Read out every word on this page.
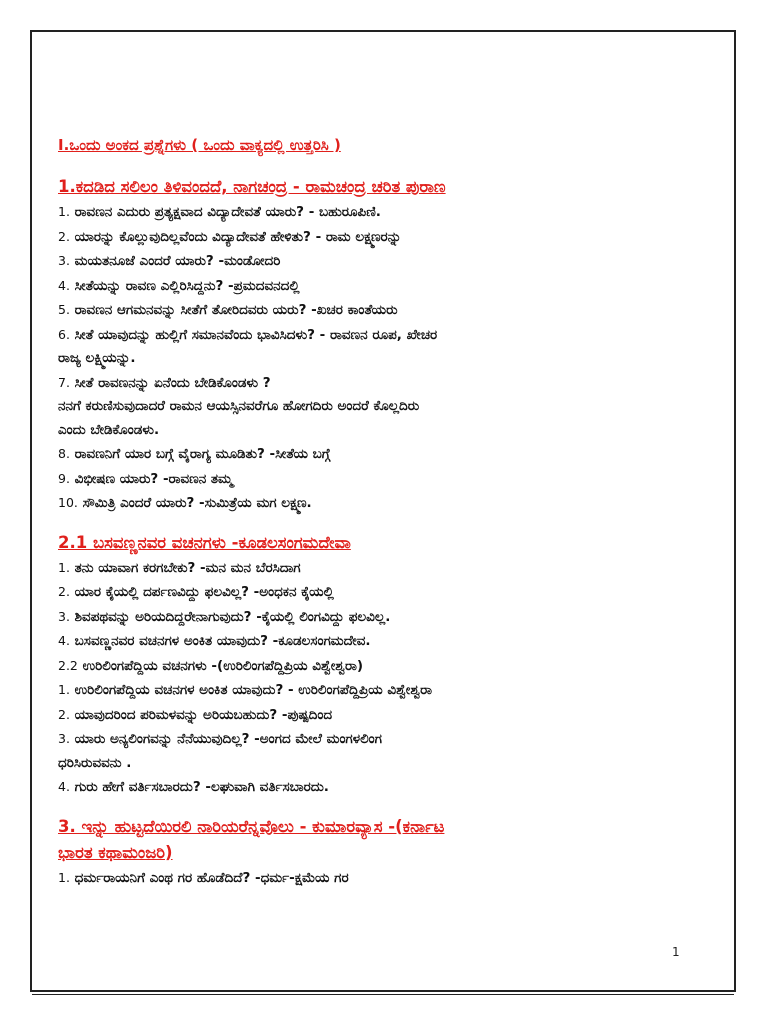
I.ಒಂದು ಅಂಕದ ಪ್ರಶ್ನೆಗಳು ( ಒಂದು ವಾಕ್ಯದಲ್ಲಿ ಉತ್ತರಿಸಿ )
1.ಕದಡಿದ ಸಲಿಲಂ ತಿಳಿವಂದದೆ, ನಾಗಚಂದ್ರ - ರಾಮಚಂದ್ರ ಚರಿತ ಪುರಾಣ

1. ರಾವಣನ ಎದುರು ಪ್ರತ್ಯಕ್ಷವಾದ ವಿದ್ಯಾದೇವತೆ ಯಾರು? - ಬಹುರೂಪಿಣಿ.

2. ಯಾರನ್ನು ಕೊಲ್ಲುವುದಿಲ್ಲವೆಂದು ವಿದ್ಯಾದೇವತೆ ಹೇಳಿತು? - ರಾಮ ಲಕ್ಷ್ಮಣರನ್ನು

3. ಮಯತನೂಜೆ ಎಂದರೆ ಯಾರು? -ಮಂಡೋದರಿ

4. ಸೀತೆಯನ್ನು ರಾವಣ ಎಲ್ಲಿರಿಸಿದ್ದನು? -ಪ್ರಮದವನದಲ್ಲಿ

5. ರಾವಣನ ಆಗಮನವನ್ನು ಸೀತೆಗೆ ತೋರಿದವರು ಯರು? -ಖಚರ ಕಾಂತೆಯರು

6. ಸೀತೆ ಯಾವುದನ್ನು ಹುಲ್ಲಿಗೆ ಸಮಾನವೆಂದು ಭಾವಿಸಿದಳು? - ರಾವಣನ ರೂಪ, ಖೇಚರ

ರಾಜ್ಯ ಲಕ್ಷ್ಮಿಯನ್ನು.

7. ಸೀತೆ ರಾವಣನನ್ನು ಏನೆಂದು ಬೇಡಿಕೊಂಡಳು ?

ನನಗೆ ಕರುಣಿಸುವುದಾದರೆ ರಾಮನ ಆಯಸ್ಸಿನವರೆಗೂ ಹೋಗದಿರು ಅಂದರೆ ಕೊಲ್ಲದಿರು

ಎಂದು ಬೇಡಿಕೊಂಡಳು.

8. ರಾವಣನಿಗೆ ಯಾರ ಬಗ್ಗೆ ವೈರಾಗ್ಯ ಮೂಡಿತು? -ಸೀತೆಯ ಬಗ್ಗೆ

9. ವಿಭೀಷಣ ಯಾರು? -ರಾವಣನ ತಮ್ಮ

10. ಸೌಮಿತ್ರಿ ಎಂದರೆ ಯಾರು? -ಸುಮಿತ್ರೆಯ ಮಗ ಲಕ್ಷ್ಮಣ.

2.1 ಬಸವಣ್ಣನವರ ವಚನಗಳು -ಕೂಡಲಸಂಗಮದೇವಾ

1. ತನು ಯಾವಾಗ ಕರಗಬೇಕು? -ಮನ ಮನ ಬೆರಸಿದಾಗ

2. ಯಾರ ಕೈಯಲ್ಲಿ ದರ್ಪಣವಿದ್ದು ಫಲವಿಲ್ಲ? -ಅಂಧಕನ ಕೈಯಲ್ಲಿ

3. ಶಿವಪಥವನ್ನು ಅರಿಯದಿದ್ದರೇನಾಗುವುದು? -ಕೈಯಲ್ಲಿ ಲಿಂಗವಿದ್ದು ಫಲವಿಲ್ಲ.

4. ಬಸವಣ್ಣನವರ ವಚನಗಳ ಅಂಕಿತ ಯಾವುದು? -ಕೂಡಲಸಂಗಮದೇವ.

2.2 ಉರಿಲಿಂಗಪೆದ್ದಿಯ ವಚನಗಳು -(ಉರಿಲಿಂಗಪೆದ್ದಿಪ್ರಿಯ ವಿಶ್ವೇಶ್ವರಾ)

1. ಉರಿಲಿಂಗಪೆದ್ದಿಯ ವಚನಗಳ ಅಂಕಿತ ಯಾವುದು? - ಉರಿಲಿಂಗಪೆದ್ದಿಪ್ರಿಯ ವಿಶ್ವೇಶ್ವರಾ

2. ಯಾವುದರಿಂದ ಪರಿಮಳವನ್ನು ಅರಿಯಬಹುದು? -ಪುಷ್ಪದಿಂದ

3. ಯಾರು ಅನ್ಯಲಿಂಗವನ್ನು ನೆನೆಯುವುದಿಲ್ಲ? -ಅಂಗದ ಮೇಲೆ ಮಂಗಳಲಿಂಗ

ಧರಿಸಿರುವವನು .

4. ಗುರು ಹೇಗೆ ವರ್ತಿಸಬಾರದು? -ಲಘುವಾಗಿ ವರ್ತಿಸಬಾರದು.

3. ಇನ್ನು ಹುಟ್ಟದೆಯಿರಲಿ ನಾರಿಯರೆನ್ನವೊಲು - ಕುಮಾರವ್ಯಾಸ -(ಕರ್ನಾಟ
ಭಾರತ ಕಥಾಮಂಜರಿ)

1. ಧರ್ಮರಾಯನಿಗೆ ಎಂಥ ಗರ ಹೊಡೆದಿದೆ? -ಧರ್ಮ-ಕ್ಷಮೆಯ ಗರ

1
